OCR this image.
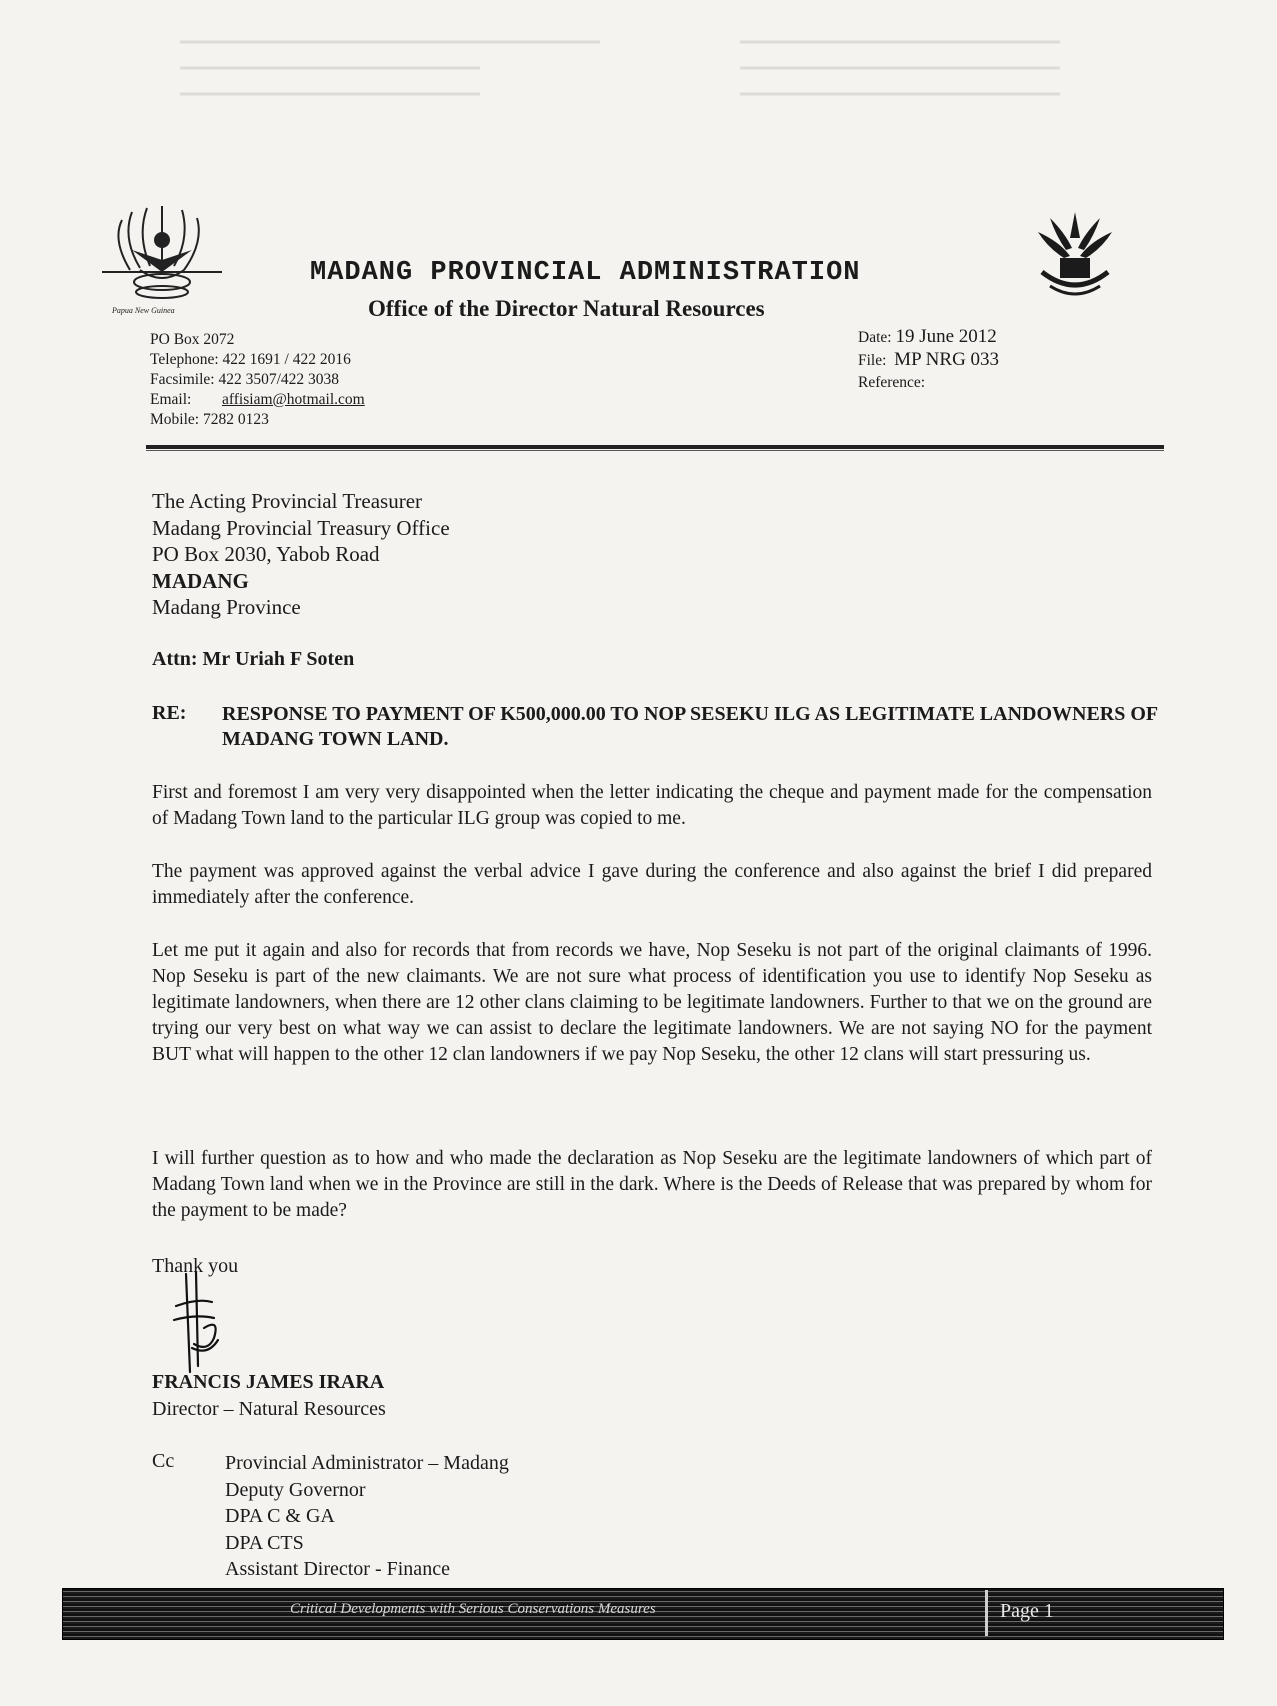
Papua New Guinea
MADANG PROVINCIAL ADMINISTRATION
Office of the Director Natural Resources
PO Box 2072
Telephone: 422 1691 / 422 2016
Facsimile: 422 3507/422 3038
Email: affisiam@hotmail.com
Mobile: 7282 0123
Date: 19 June 2012
File: MP NRG 033
Reference:
The Acting Provincial Treasurer
Madang Provincial Treasury Office
PO Box 2030, Yabob Road
MADANG
Madang Province
Attn: Mr Uriah F Soten
RE: RESPONSE TO PAYMENT OF K500,000.00 TO NOP SESEKU ILG AS LEGITIMATE LANDOWNERS OF MADANG TOWN LAND.
First and foremost I am very very disappointed when the letter indicating the cheque and payment made for the compensation of Madang Town land to the particular ILG group was copied to me.
The payment was approved against the verbal advice I gave during the conference and also against the brief I did prepared immediately after the conference.
Let me put it again and also for records that from records we have, Nop Seseku is not part of the original claimants of 1996. Nop Seseku is part of the new claimants. We are not sure what process of identification you use to identify Nop Seseku as legitimate landowners, when there are 12 other clans claiming to be legitimate landowners. Further to that we on the ground are trying our very best on what way we can assist to declare the legitimate landowners. We are not saying NO for the payment BUT what will happen to the other 12 clan landowners if we pay Nop Seseku, the other 12 clans will start pressuring us.
I will further question as to how and who made the declaration as Nop Seseku are the legitimate landowners of which part of Madang Town land when we in the Province are still in the dark. Where is the Deeds of Release that was prepared by whom for the payment to be made?
Thank you
FRANCIS JAMES IRARA
Director – Natural Resources
Cc	Provincial Administrator – Madang
Deputy Governor
DPA C & GA
DPA CTS
Assistant Director - Finance
Critical Developments with Serious Conservations Measures	Page 1
